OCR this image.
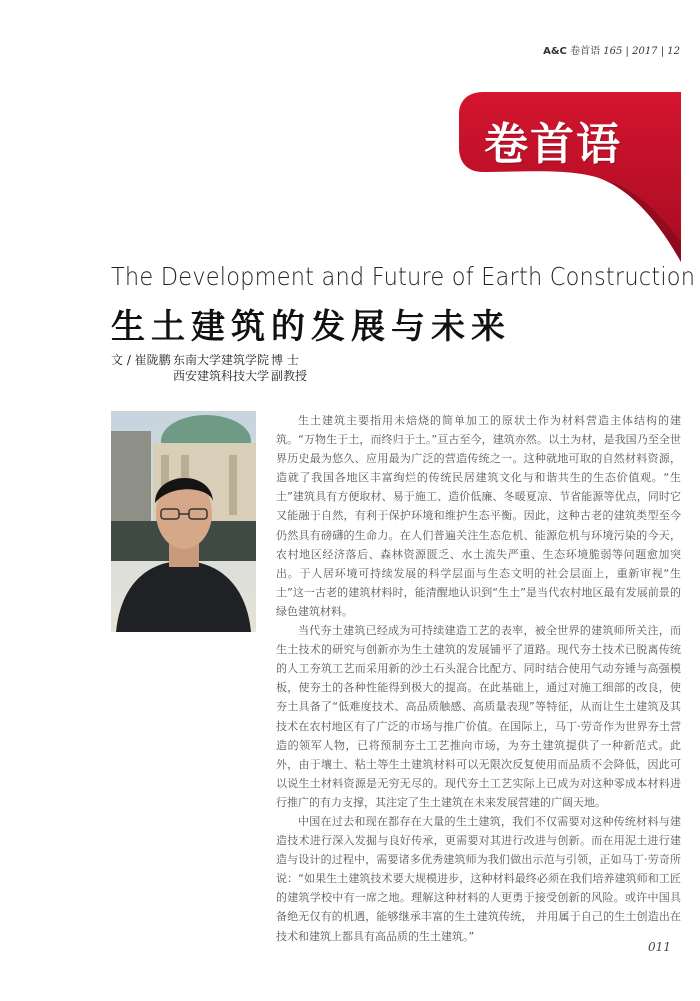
A&C 卷首语 165 | 2017 | 12
卷首语
The Development and Future of Earth Construction
生土建筑的发展与未来
文 / 崔陇鹏 东南大学建筑学院 博 士
西安建筑科技大学 副教授

生土建筑主要指用未焙烧的简单加工的原状土作为材料营造主体结构的建筑。“万物生于土，而终归于土。”亘古至今，建筑亦然。以土为材，是我国乃至全世界历史最为悠久、应用最为广泛的营造传统之一。这种就地可取的自然材料资源，造就了我国各地区丰富绚烂的传统民居建筑文化与和谐共生的生态价值观。“生土”建筑具有方便取材、易于施工、造价低廉、冬暖夏凉、节省能源等优点，同时它又能融于自然，有利于保护环境和维护生态平衡。因此，这种古老的建筑类型至今仍然具有磅礴的生命力。在人们普遍关注生态危机、能源危机与环境污染的今天，农村地区经济落后、森林资源匮乏、水土流失严重、生态环境脆弱等问题愈加突出。于人居环境可持续发展的科学层面与生态文明的社会层面上，重新审视“生土”这一古老的建筑材料时，能清醒地认识到“生土”是当代农村地区最有发展前景的绿色建筑材料。

当代夯土建筑已经成为可持续建造工艺的表率，被全世界的建筑师所关注，而生土技术的研究与创新亦为生土建筑的发展铺平了道路。现代夯土技术已脱离传统的人工夯筑工艺而采用新的沙土石头混合比配方、同时结合使用气动夯锤与高强模板，使夯土的各种性能得到极大的提高。在此基础上，通过对施工细部的改良，使夯土具备了“低难度技术、高品质触感、高质量表现”等特征，从而让生土建筑及其技术在农村地区有了广泛的市场与推广价值。在国际上，马丁·劳奇作为世界夯土营造的领军人物，已将预制夯土工艺推向市场，为夯土建筑提供了一种新范式。此外，由于壤土、粘土等生土建筑材料可以无限次反复使用而品质不会降低，因此可以说生土材料资源是无穷无尽的。现代夯土工艺实际上已成为对这种零成本材料进行推广的有力支撑，其注定了生土建筑在未来发展营建的广阔天地。

中国在过去和现在都存在大量的生土建筑，我们不仅需要对这种传统材料与建造技术进行深入发掘与良好传承，更需要对其进行改进与创新。而在用泥土进行建造与设计的过程中，需要诸多优秀建筑师为我们做出示范与引领，正如马丁·劳奇所说：“如果生土建筑技术要大规模进步，这种材料最终必须在我们培养建筑师和工匠的建筑学校中有一席之地。理解这种材料的人更勇于接受创新的风险。或许中国具备绝无仅有的机遇，能够继承丰富的生土建筑传统， 并用属于自己的生土创造出在技术和建筑上都具有高品质的生土建筑。”

011
